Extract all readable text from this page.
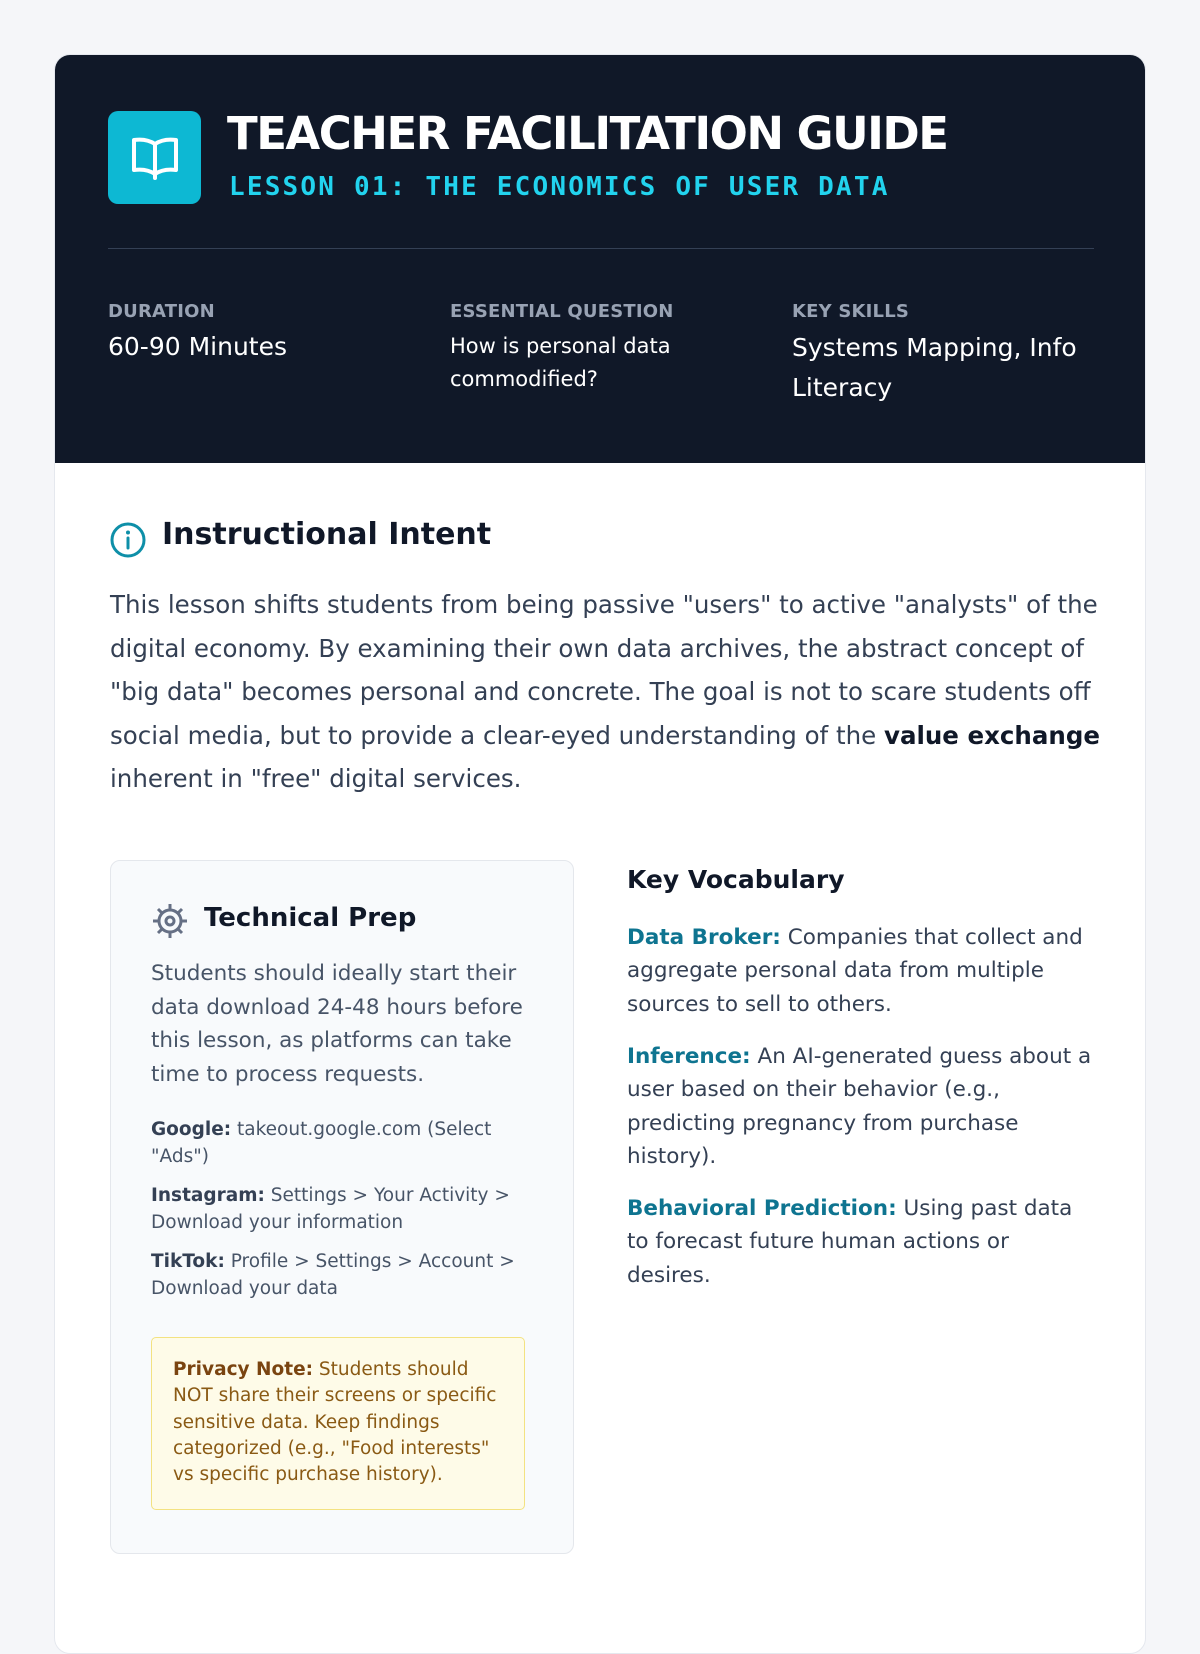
TEACHER FACILITATION GUIDE
LESSON 01: THE ECONOMICS OF USER DATA
DURATION
60-90 Minutes
ESSENTIAL QUESTION
How is personal data commodified?
KEY SKILLS
Systems Mapping, Info Literacy
Instructional Intent

This lesson shifts students from being passive "users" to active "analysts" of the digital economy. By examining their own data archives, the abstract concept of "big data" becomes personal and concrete. The goal is not to scare students off social media, but to provide a clear-eyed understanding of the value exchange inherent in "free" digital services.

Technical Prep
Students should ideally start their data download 24-48 hours before this lesson, as platforms can take time to process requests.
Google: takeout.google.com (Select "Ads")
Instagram: Settings > Your Activity > Download your information
TikTok: Profile > Settings > Account > Download your data
Privacy Note: Students should NOT share their screens or specific sensitive data. Keep findings categorized (e.g., "Food interests" vs specific purchase history).
Key Vocabulary
Data Broker: Companies that collect and aggregate personal data from multiple sources to sell to others.
Inference: An AI-generated guess about a user based on their behavior (e.g., predicting pregnancy from purchase history).
Behavioral Prediction: Using past data to forecast future human actions or desires.
